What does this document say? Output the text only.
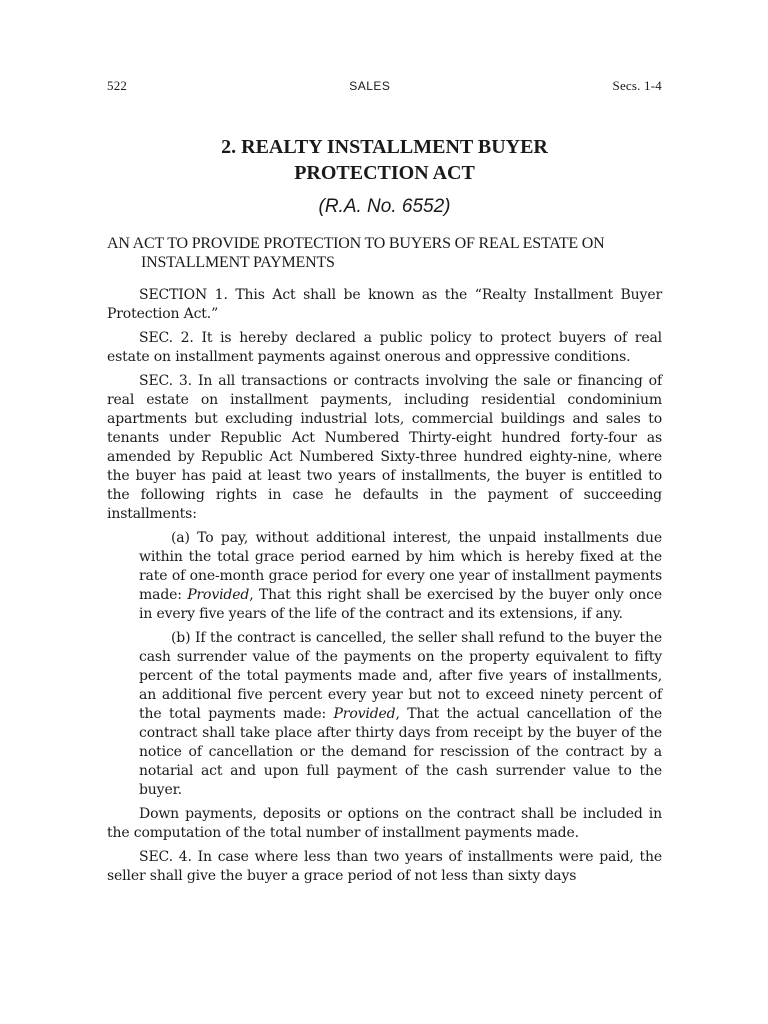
522	SALES	Secs. 1-4
2. REALTY INSTALLMENT BUYER
PROTECTION ACT
(R.A. No. 6552)

AN ACT TO PROVIDE PROTECTION TO BUYERS OF REAL ESTATE ON INSTALLMENT PAYMENTS

SECTION 1. This Act shall be known as the “Realty Installment Buyer Protection Act.”

SEC. 2. It is hereby declared a public policy to protect buyers of real estate on installment payments against onerous and oppressive conditions.

SEC. 3. In all transactions or contracts involving the sale or financing of real estate on installment payments, including residential condominium apartments but excluding industrial lots, commercial buildings and sales to tenants under Republic Act Numbered Thirty-eight hundred forty-four as amended by Republic Act Numbered Sixty-three hundred eighty-nine, where the buyer has paid at least two years of installments, the buyer is entitled to the following rights in case he defaults in the payment of succeeding installments:

(a) To pay, without additional interest, the unpaid installments due within the total grace period earned by him which is hereby fixed at the rate of one-month grace period for every one year of installment payments made: Provided, That this right shall be exercised by the buyer only once in every five years of the life of the contract and its extensions, if any.

(b) If the contract is cancelled, the seller shall refund to the buyer the cash surrender value of the payments on the property equivalent to fifty percent of the total payments made and, after five years of installments, an additional five percent every year but not to exceed ninety percent of the total payments made: Provided, That the actual cancellation of the contract shall take place after thirty days from receipt by the buyer of the notice of cancellation or the demand for rescission of the contract by a notarial act and upon full payment of the cash surrender value to the buyer.

Down payments, deposits or options on the contract shall be included in the computation of the total number of installment payments made.

SEC. 4. In case where less than two years of installments were paid, the seller shall give the buyer a grace period of not less than sixty days
